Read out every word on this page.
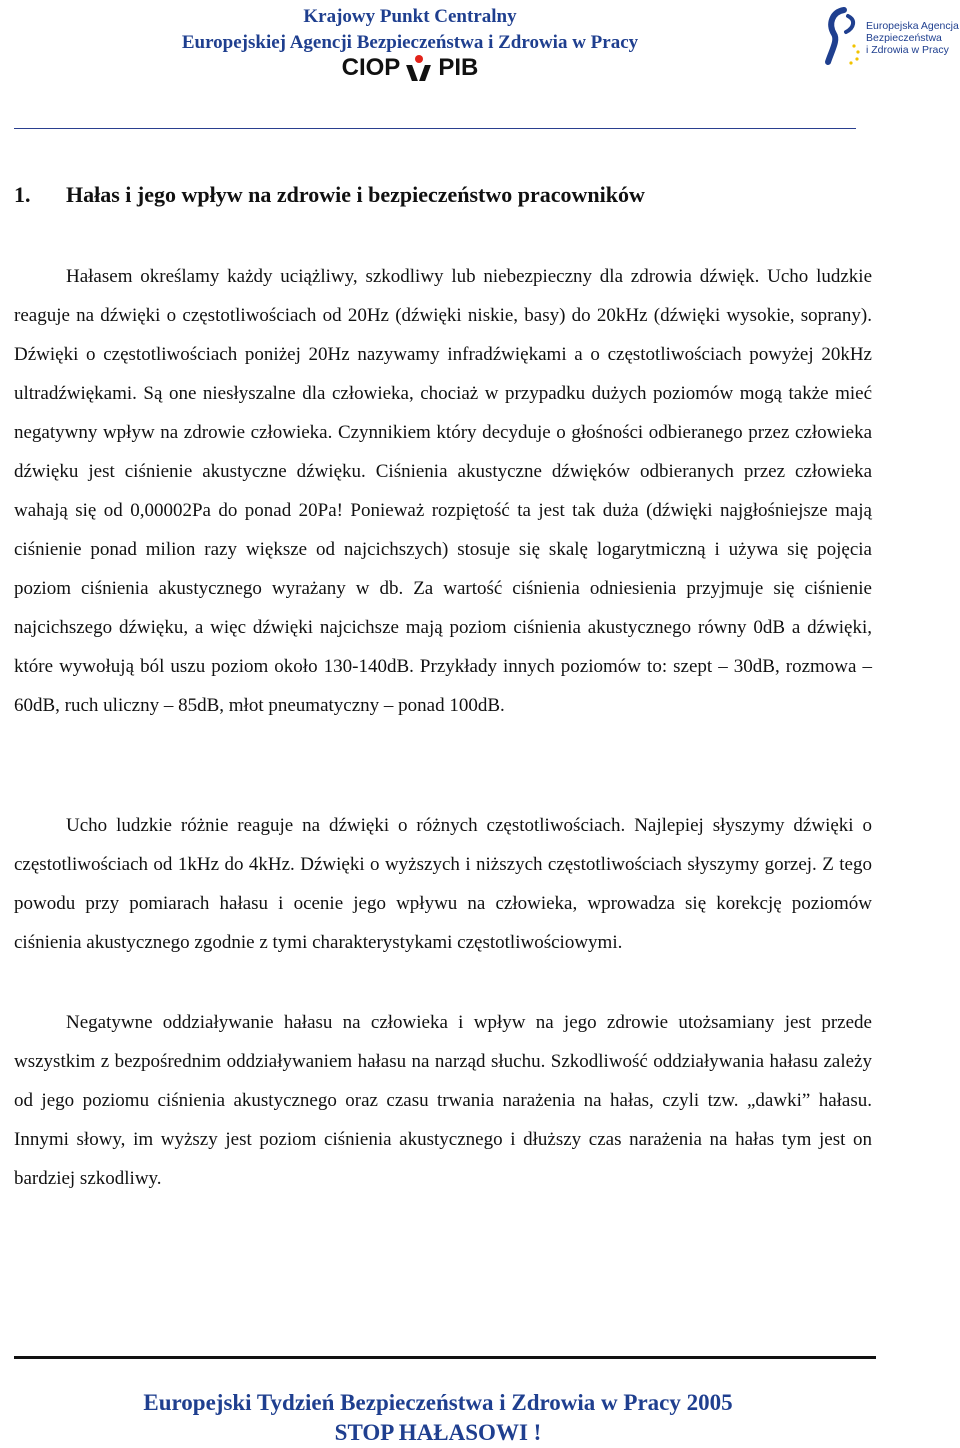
Krajowy Punkt Centralny
Europejskiej Agencji Bezpieczeństwa i Zdrowia w Pracy
CIOP PIB
Europejska Agencja
Bezpieczeństwa
i Zdrowia w Pracy
1. Hałas i jego wpływ na zdrowie i bezpieczeństwo pracowników

Hałasem określamy każdy uciążliwy, szkodliwy lub niebezpieczny dla zdrowia dźwięk. Ucho ludzkie reaguje na dźwięki o częstotliwościach od 20Hz (dźwięki niskie, basy) do 20kHz (dźwięki wysokie, soprany). Dźwięki o częstotliwościach poniżej 20Hz nazywamy infradźwiękami a o częstotliwościach powyżej 20kHz ultradźwiękami. Są one niesłyszalne dla człowieka, chociaż w przypadku dużych poziomów mogą także mieć negatywny wpływ na zdrowie człowieka. Czynnikiem który decyduje o głośności odbieranego przez człowieka dźwięku jest ciśnienie akustyczne dźwięku. Ciśnienia akustyczne dźwięków odbieranych przez człowieka wahają się od 0,00002Pa do ponad 20Pa! Ponieważ rozpiętość ta jest tak duża (dźwięki najgłośniejsze mają ciśnienie ponad milion razy większe od najcichszych) stosuje się skalę logarytmiczną i używa się pojęcia poziom ciśnienia akustycznego wyrażany w db. Za wartość ciśnienia odniesienia przyjmuje się ciśnienie najcichszego dźwięku, a więc dźwięki najcichsze mają poziom ciśnienia akustycznego równy 0dB a dźwięki, które wywołują ból uszu poziom około 130-140dB. Przykłady innych poziomów to: szept – 30dB, rozmowa – 60dB, ruch uliczny – 85dB, młot pneumatyczny – ponad 100dB.

Ucho ludzkie różnie reaguje na dźwięki o różnych częstotliwościach. Najlepiej słyszymy dźwięki o częstotliwościach od 1kHz do 4kHz. Dźwięki o wyższych i niższych częstotliwościach słyszymy gorzej. Z tego powodu przy pomiarach hałasu i ocenie jego wpływu na człowieka, wprowadza się korekcję poziomów ciśnienia akustycznego zgodnie z tymi charakterystykami częstotliwościowymi.

Negatywne oddziaływanie hałasu na człowieka i wpływ na jego zdrowie utożsamiany jest przede wszystkim z bezpośrednim oddziaływaniem hałasu na narząd słuchu. Szkodliwość oddziaływania hałasu zależy od jego poziomu ciśnienia akustycznego oraz czasu trwania narażenia na hałas, czyli tzw. „dawki” hałasu. Innymi słowy, im wyższy jest poziom ciśnienia akustycznego i dłuższy czas narażenia na hałas tym jest on bardziej szkodliwy.

Europejski Tydzień Bezpieczeństwa i Zdrowia w Pracy 2005
STOP HAŁASOWI !
